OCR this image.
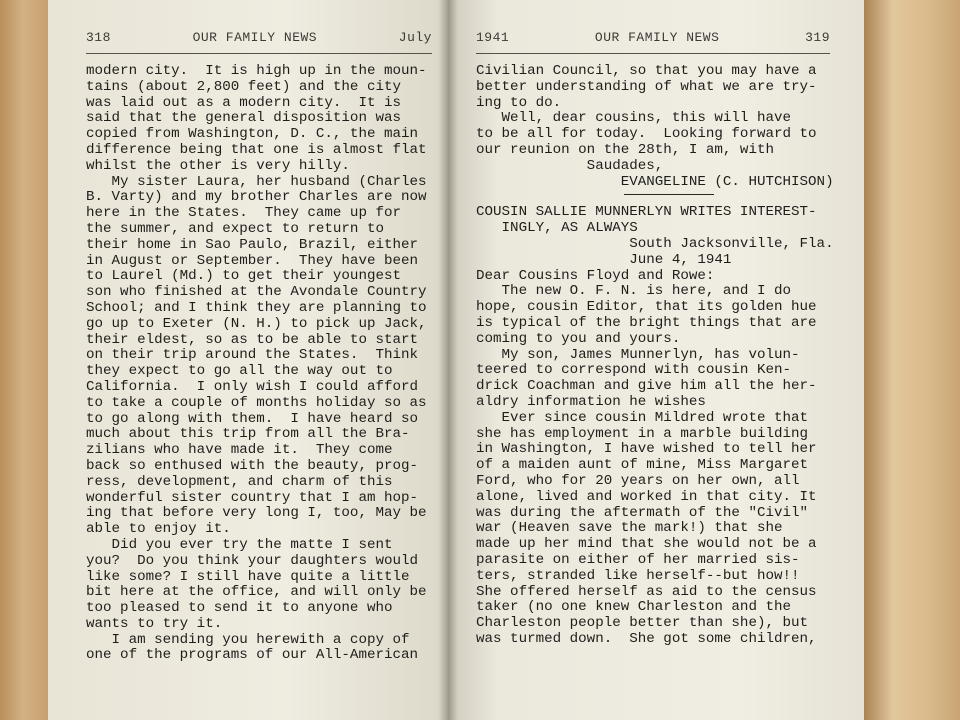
318	OUR FAMILY NEWS	July
modern city.  It is high up in the moun-
tains (about 2,800 feet) and the city
was laid out as a modern city.  It is
said that the general disposition was
copied from Washington, D. C., the main
difference being that one is almost flat
whilst the other is very hilly.
My sister Laura, her husband (Charles
B. Varty) and my brother Charles are now
here in the States.  They came up for
the summer, and expect to return to
their home in Sao Paulo, Brazil, either
in August or September.  They have been
to Laurel (Md.) to get their youngest
son who finished at the Avondale Country
School; and I think they are planning to
go up to Exeter (N. H.) to pick up Jack,
their eldest, so as to be able to start
on their trip around the States.  Think
they expect to go all the way out to
California.  I only wish I could afford
to take a couple of months holiday so as
to go along with them.  I have heard so
much about this trip from all the Bra-
zilians who have made it.  They come
back so enthused with the beauty, prog-
ress, development, and charm of this
wonderful sister country that I am hop-
ing that before very long I, too, May be
able to enjoy it.
Did you ever try the matte I sent
you?  Do you think your daughters would
like some? I still have quite a little
bit here at the office, and will only be
too pleased to send it to anyone who
wants to try it.
I am sending you herewith a copy of
one of the programs of our All-American
1941	OUR FAMILY NEWS	319
Civilian Council, so that you may have a
better understanding of what we are try-
ing to do.
Well, dear cousins, this will have
to be all for today.  Looking forward to
our reunion on the 28th, I am, with
Saudades,
EVANGELINE (C. HUTCHISON)
COUSIN SALLIE MUNNERLYN WRITES INTEREST-
INGLY, AS ALWAYS
South Jacksonville, Fla.
June 4, 1941
Dear Cousins Floyd and Rowe:
The new O. F. N. is here, and I do
hope, cousin Editor, that its golden hue
is typical of the bright things that are
coming to you and yours.
My son, James Munnerlyn, has volun-
teered to correspond with cousin Ken-
drick Coachman and give him all the her-
aldry information he wishes
Ever since cousin Mildred wrote that
she has employment in a marble building
in Washington, I have wished to tell her
of a maiden aunt of mine, Miss Margaret
Ford, who for 20 years on her own, all
alone, lived and worked in that city. It
was during the aftermath of the "Civil"
war (Heaven save the mark!) that she
made up her mind that she would not be a
parasite on either of her married sis-
ters, stranded like herself--but how!!
She offered herself as aid to the census
taker (no one knew Charleston and the
Charleston people better than she), but
was turmed down.  She got some children,
